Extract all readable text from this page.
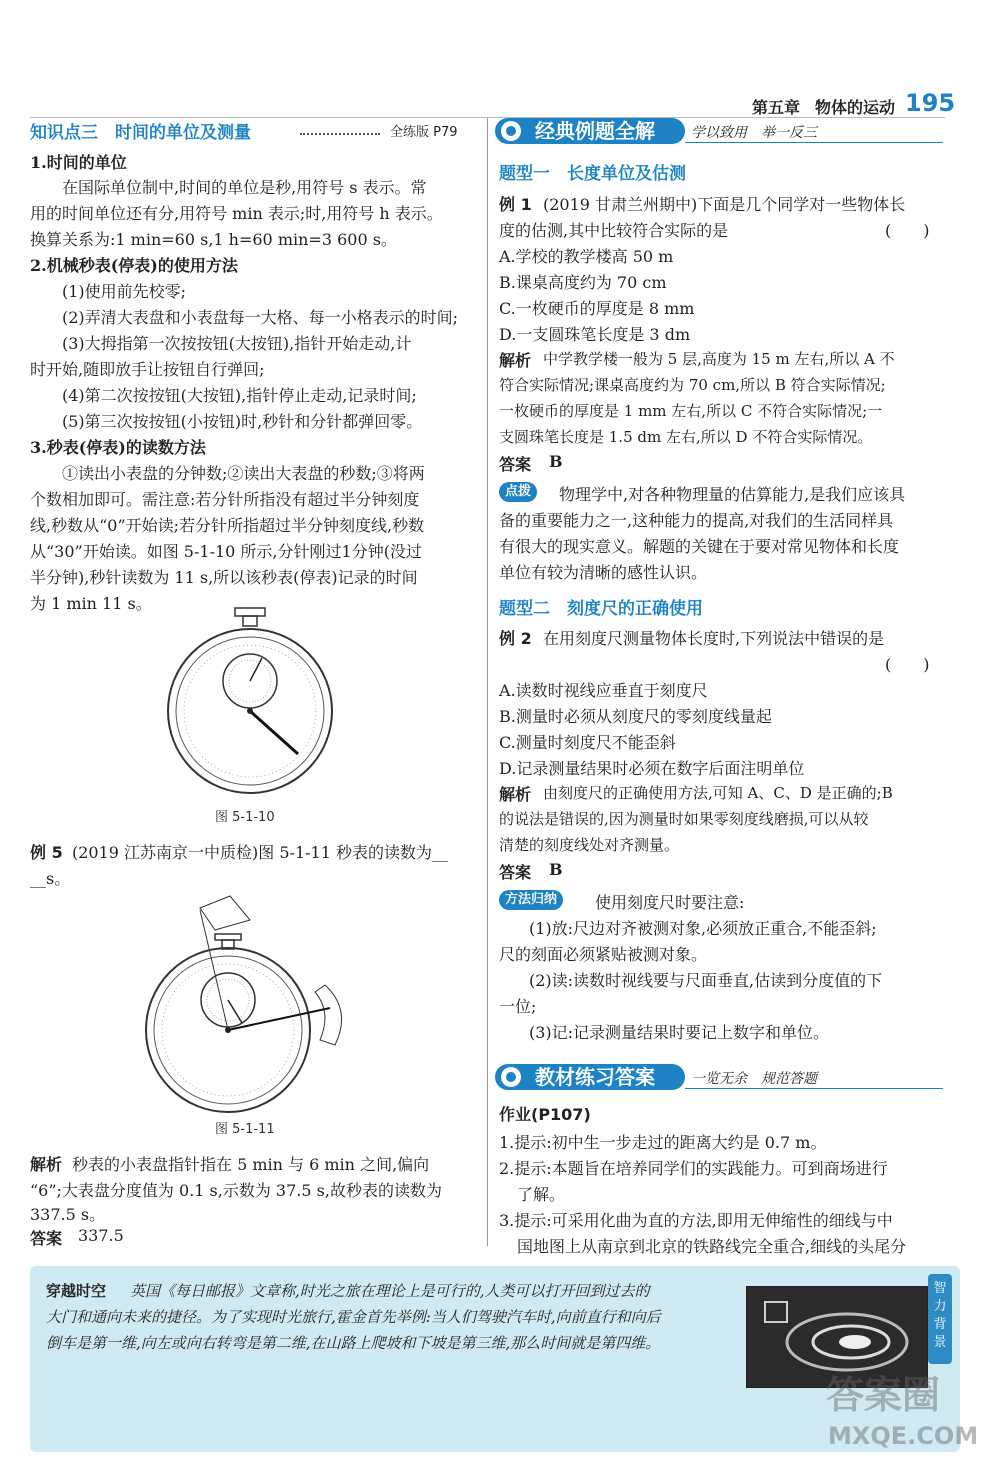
第五章 物体的运动 195
知识点三　时间的单位及测量	全练版 P79
1.时间的单位
在国际单位制中,时间的单位是秒,用符号 s 表示。常
用的时间单位还有分,用符号 min 表示;时,用符号 h 表示。
换算关系为:1 min=60 s,1 h=60 min=3 600 s。
2.机械秒表(停表)的使用方法
(1)使用前先校零;
(2)弄清大表盘和小表盘每一大格、每一小格表示的时间;
(3)大拇指第一次按按钮(大按钮),指针开始走动,计
时开始,随即放手让按钮自行弹回;
(4)第二次按按钮(大按钮),指针停止走动,记录时间;
(5)第三次按按钮(小按钮)时,秒针和分针都弹回零。
3.秒表(停表)的读数方法
①读出小表盘的分钟数;②读出大表盘的秒数;③将两
个数相加即可。需注意:若分针所指没有超过半分钟刻度
线,秒数从“0”开始读;若分针所指超过半分钟刻度线,秒数
从“30”开始读。如图 5-1-10 所示,分针刚过1分钟(没过
半分钟),秒针读数为 11 s,所以该秒表(停表)记录的时间
为 1 min 11 s。
图 5-1-10
例 5 (2019 江苏南京一中质检)图 5-1-11 秒表的读数为__
__s。
图 5-1-11
解析 秒表的小表盘指针指在 5 min 与 6 min 之间,偏向
“6”;大表盘分度值为 0.1 s,示数为 37.5 s,故秒表的读数为
337.5 s。
答案 337.5
经典例题全解	学以致用　举一反三
题型一　长度单位及估测
例 1 (2019 甘肃兰州期中)下面是几个同学对一些物体长
度的估测,其中比较符合实际的是	(　　)
A.学校的教学楼高 50 m
B.课桌高度约为 70 cm
C.一枚硬币的厚度是 8 mm
D.一支圆珠笔长度是 3 dm
解析 中学教学楼一般为 5 层,高度为 15 m 左右,所以 A 不
符合实际情况;课桌高度约为 70 cm,所以 B 符合实际情况;
一枚硬币的厚度是 1 mm 左右,所以 C 不符合实际情况;一
支圆珠笔长度是 1.5 dm 左右,所以 D 不符合实际情况。
答案 B
点拨	物理学中,对各种物理量的估算能力,是我们应该具
备的重要能力之一,这种能力的提高,对我们的生活同样具
有很大的现实意义。解题的关键在于要对常见物体和长度
单位有较为清晰的感性认识。
题型二　刻度尺的正确使用
例 2 在用刻度尺测量物体长度时,下列说法中错误的是
(　　)
A.读数时视线应垂直于刻度尺
B.测量时必须从刻度尺的零刻度线量起
C.测量时刻度尺不能歪斜
D.记录测量结果时必须在数字后面注明单位
解析 由刻度尺的正确使用方法,可知 A、C、D 是正确的;B
的说法是错误的,因为测量时如果零刻度线磨损,可以从较
清楚的刻度线处对齐测量。
答案 B
方法归纳	使用刻度尺时要注意:
(1)放:尺边对齐被测对象,必须放正重合,不能歪斜;
尺的刻面必须紧贴被测对象。
(2)读:读数时视线要与尺面垂直,估读到分度值的下
一位;
(3)记:记录测量结果时要记上数字和单位。
教材练习答案	一览无余　规范答题
作业(P107)
1.提示:初中生一步走过的距离大约是 0.7 m。
2.提示:本题旨在培养同学们的实践能力。可到商场进行
了解。
3.提示:可采用化曲为直的方法,即用无伸缩性的细线与中
国地图上从南京到北京的铁路线完全重合,细线的头尾分
穿越时空 英国《每日邮报》文章称,时光之旅在理论上是可行的,人类可以打开回到过去的
大门和通向未来的捷径。为了实现时光旅行,霍金首先举例:当人们驾驶汽车时,向前直行和向后
倒车是第一维,向左或向右转弯是第二维,在山路上爬坡和下坡是第三维,那么时间就是第四维。
智力背景
答案圈
MXQE.COM
